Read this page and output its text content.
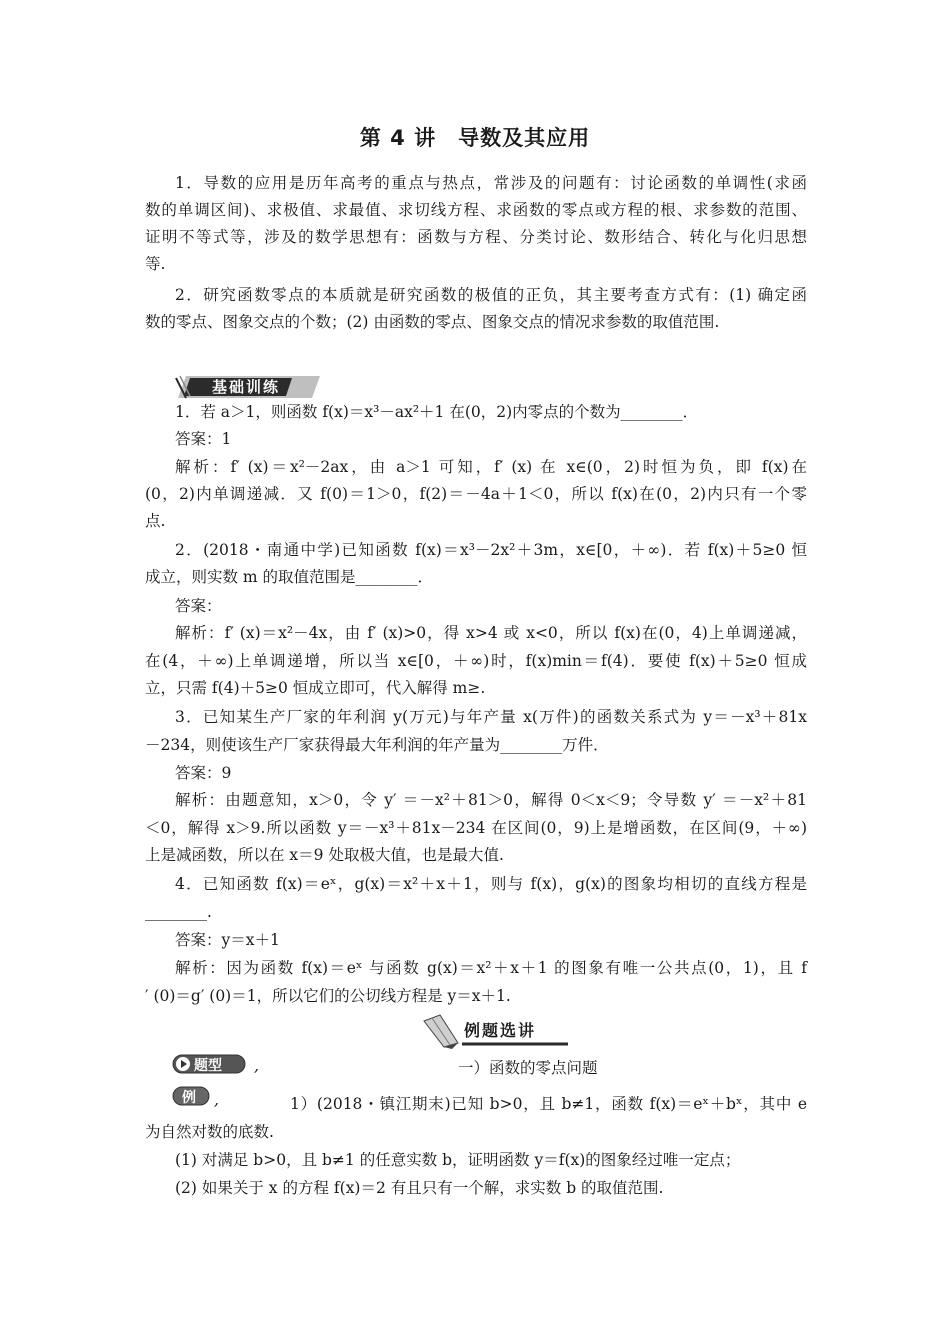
第 4 讲　导数及其应用
1．导数的应用是历年高考的重点与热点，常涉及的问题有：讨论函数的单调性(求函
数的单调区间)、求极值、求最值、求切线方程、求函数的零点或方程的根、求参数的范围、
证明不等式等，涉及的数学思想有：函数与方程、分类讨论、数形结合、转化与化归思想
等.
2．研究函数零点的本质就是研究函数的极值的正负，其主要考查方式有：(1) 确定函
数的零点、图象交点的个数；(2) 由函数的零点、图象交点的情况求参数的取值范围.
基础训练
1．若 a＞1，则函数 f(x)＝x³－ax²＋1 在(0，2)内零点的个数为________．
答案：1
解析：f′ (x)＝x²－2ax，由 a＞1 可知，f′ (x) 在 x∈(0，2)时恒为负，即 f(x)在
(0，2)内单调递减．又 f(0)＝1＞0，f(2)＝－4a＋1＜0，所以 f(x)在(0，2)内只有一个零
点.
2．(2018・南通中学)已知函数 f(x)＝x³－2x²＋3m，x∈[0，＋∞)．若 f(x)＋5≥0 恒
成立，则实数 m 的取值范围是________．
答案：
解析：f′ (x)＝x²－4x，由 f′ (x)>0，得 x>4 或 x<0，所以 f(x)在(0，4)上单调递减，
在(4，＋∞)上单调递增，所以当 x∈[0，＋∞)时，f(x)min＝f(4)．要使 f(x)＋5≥0 恒成
立，只需 f(4)＋5≥0 恒成立即可，代入解得 m≥.
3．已知某生产厂家的年利润 y(万元)与年产量 x(万件)的函数关系式为 y＝－x³＋81x
－234，则使该生产厂家获得最大年利润的年产量为________万件．
答案：9
解析：由题意知，x＞0，令 y′ ＝－x²＋81＞0，解得 0＜x＜9；令导数 y′ ＝－x²＋81
＜0，解得 x＞9.所以函数 y＝－x³＋81x－234 在区间(0，9)上是增函数，在区间(9，＋∞)
上是减函数，所以在 x＝9 处取极大值，也是最大值.
4．已知函数 f(x)＝eˣ，g(x)＝x²＋x＋1，则与 f(x)，g(x)的图象均相切的直线方程是
________.
答案：y＝x＋1
解析：因为函数 f(x)＝eˣ 与函数 g(x)＝x²＋x＋1 的图象有唯一公共点(0，1)，且 f
′ (0)＝g′ (0)＝1，所以它们的公切线方程是 y＝x＋1.
例题选讲
题型 ,	一）函数的零点问题
例 ,	1）(2018・镇江期末)已知 b>0，且 b≠1，函数 f(x)＝eˣ＋bˣ，其中 e
为自然对数的底数.
(1) 对满足 b>0，且 b≠1 的任意实数 b，证明函数 y＝f(x)的图象经过唯一定点；
(2) 如果关于 x 的方程 f(x)＝2 有且只有一个解，求实数 b 的取值范围.
